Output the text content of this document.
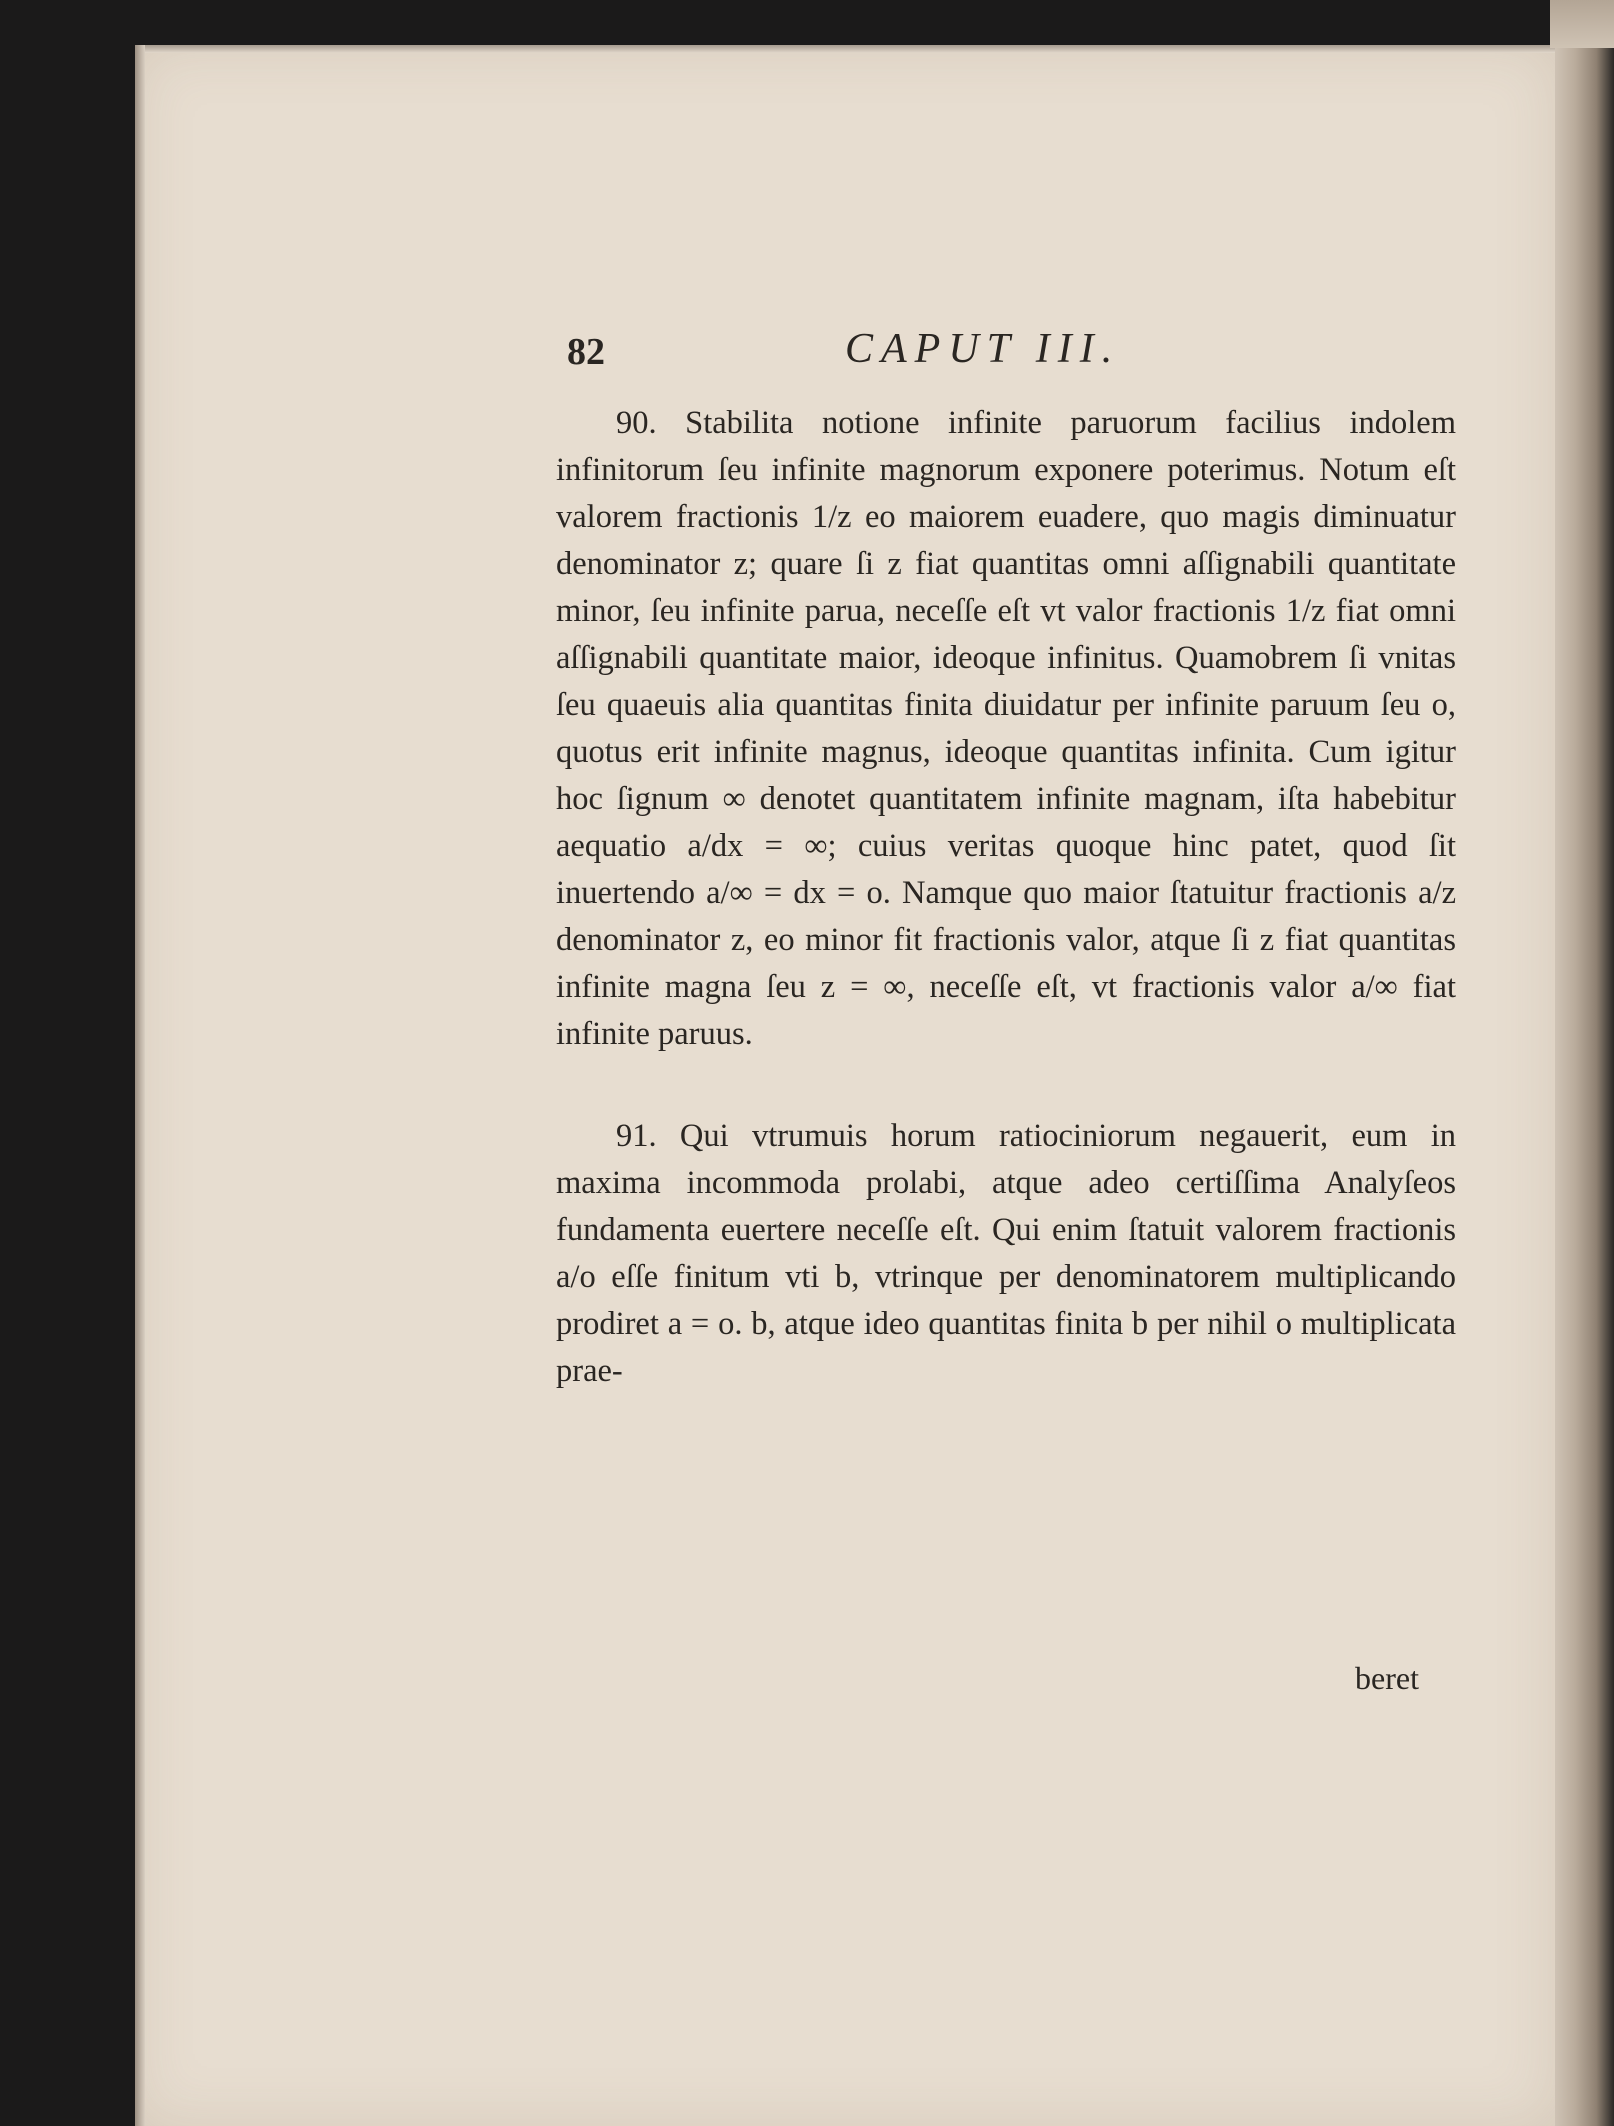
82	CAPUT III.

90. Stabilita notione infinite paruorum facilius indolem infinitorum ſeu infinite magnorum exponere poterimus. Notum eſt valorem fractionis 1/z eo maiorem euadere, quo magis diminuatur denominator z; quare ſi z fiat quantitas omni aſſignabili quantitate minor, ſeu infinite parua, neceſſe eſt vt valor fractionis 1/z fiat omni aſſignabili quantitate maior, ideoque infinitus. Quamobrem ſi vnitas ſeu quaeuis alia quantitas finita diuidatur per infinite paruum ſeu o, quotus erit infinite magnus, ideoque quantitas infinita. Cum igitur hoc ſignum ∞ denotet quantitatem infinite magnam, iſta habebitur aequatio a/dx = ∞; cuius veritas quoque hinc patet, quod ſit inuertendo a/∞ = dx = o. Namque quo maior ſtatuitur fractionis a/z denominator z, eo minor fit fractionis valor, atque ſi z fiat quantitas infinite magna ſeu z = ∞, neceſſe eſt, vt fractionis valor a/∞ fiat infinite paruus.

91. Qui vtrumuis horum ratiociniorum negauerit, eum in maxima incommoda prolabi, atque adeo certiſſima Analyſeos fundamenta euertere neceſſe eſt. Qui enim ſtatuit valorem fractionis a/o eſſe finitum vti b, vtrinque per denominatorem multiplicando prodiret a = o. b, atque ideo quantitas finita b per nihil o multiplicata prae-

beret
